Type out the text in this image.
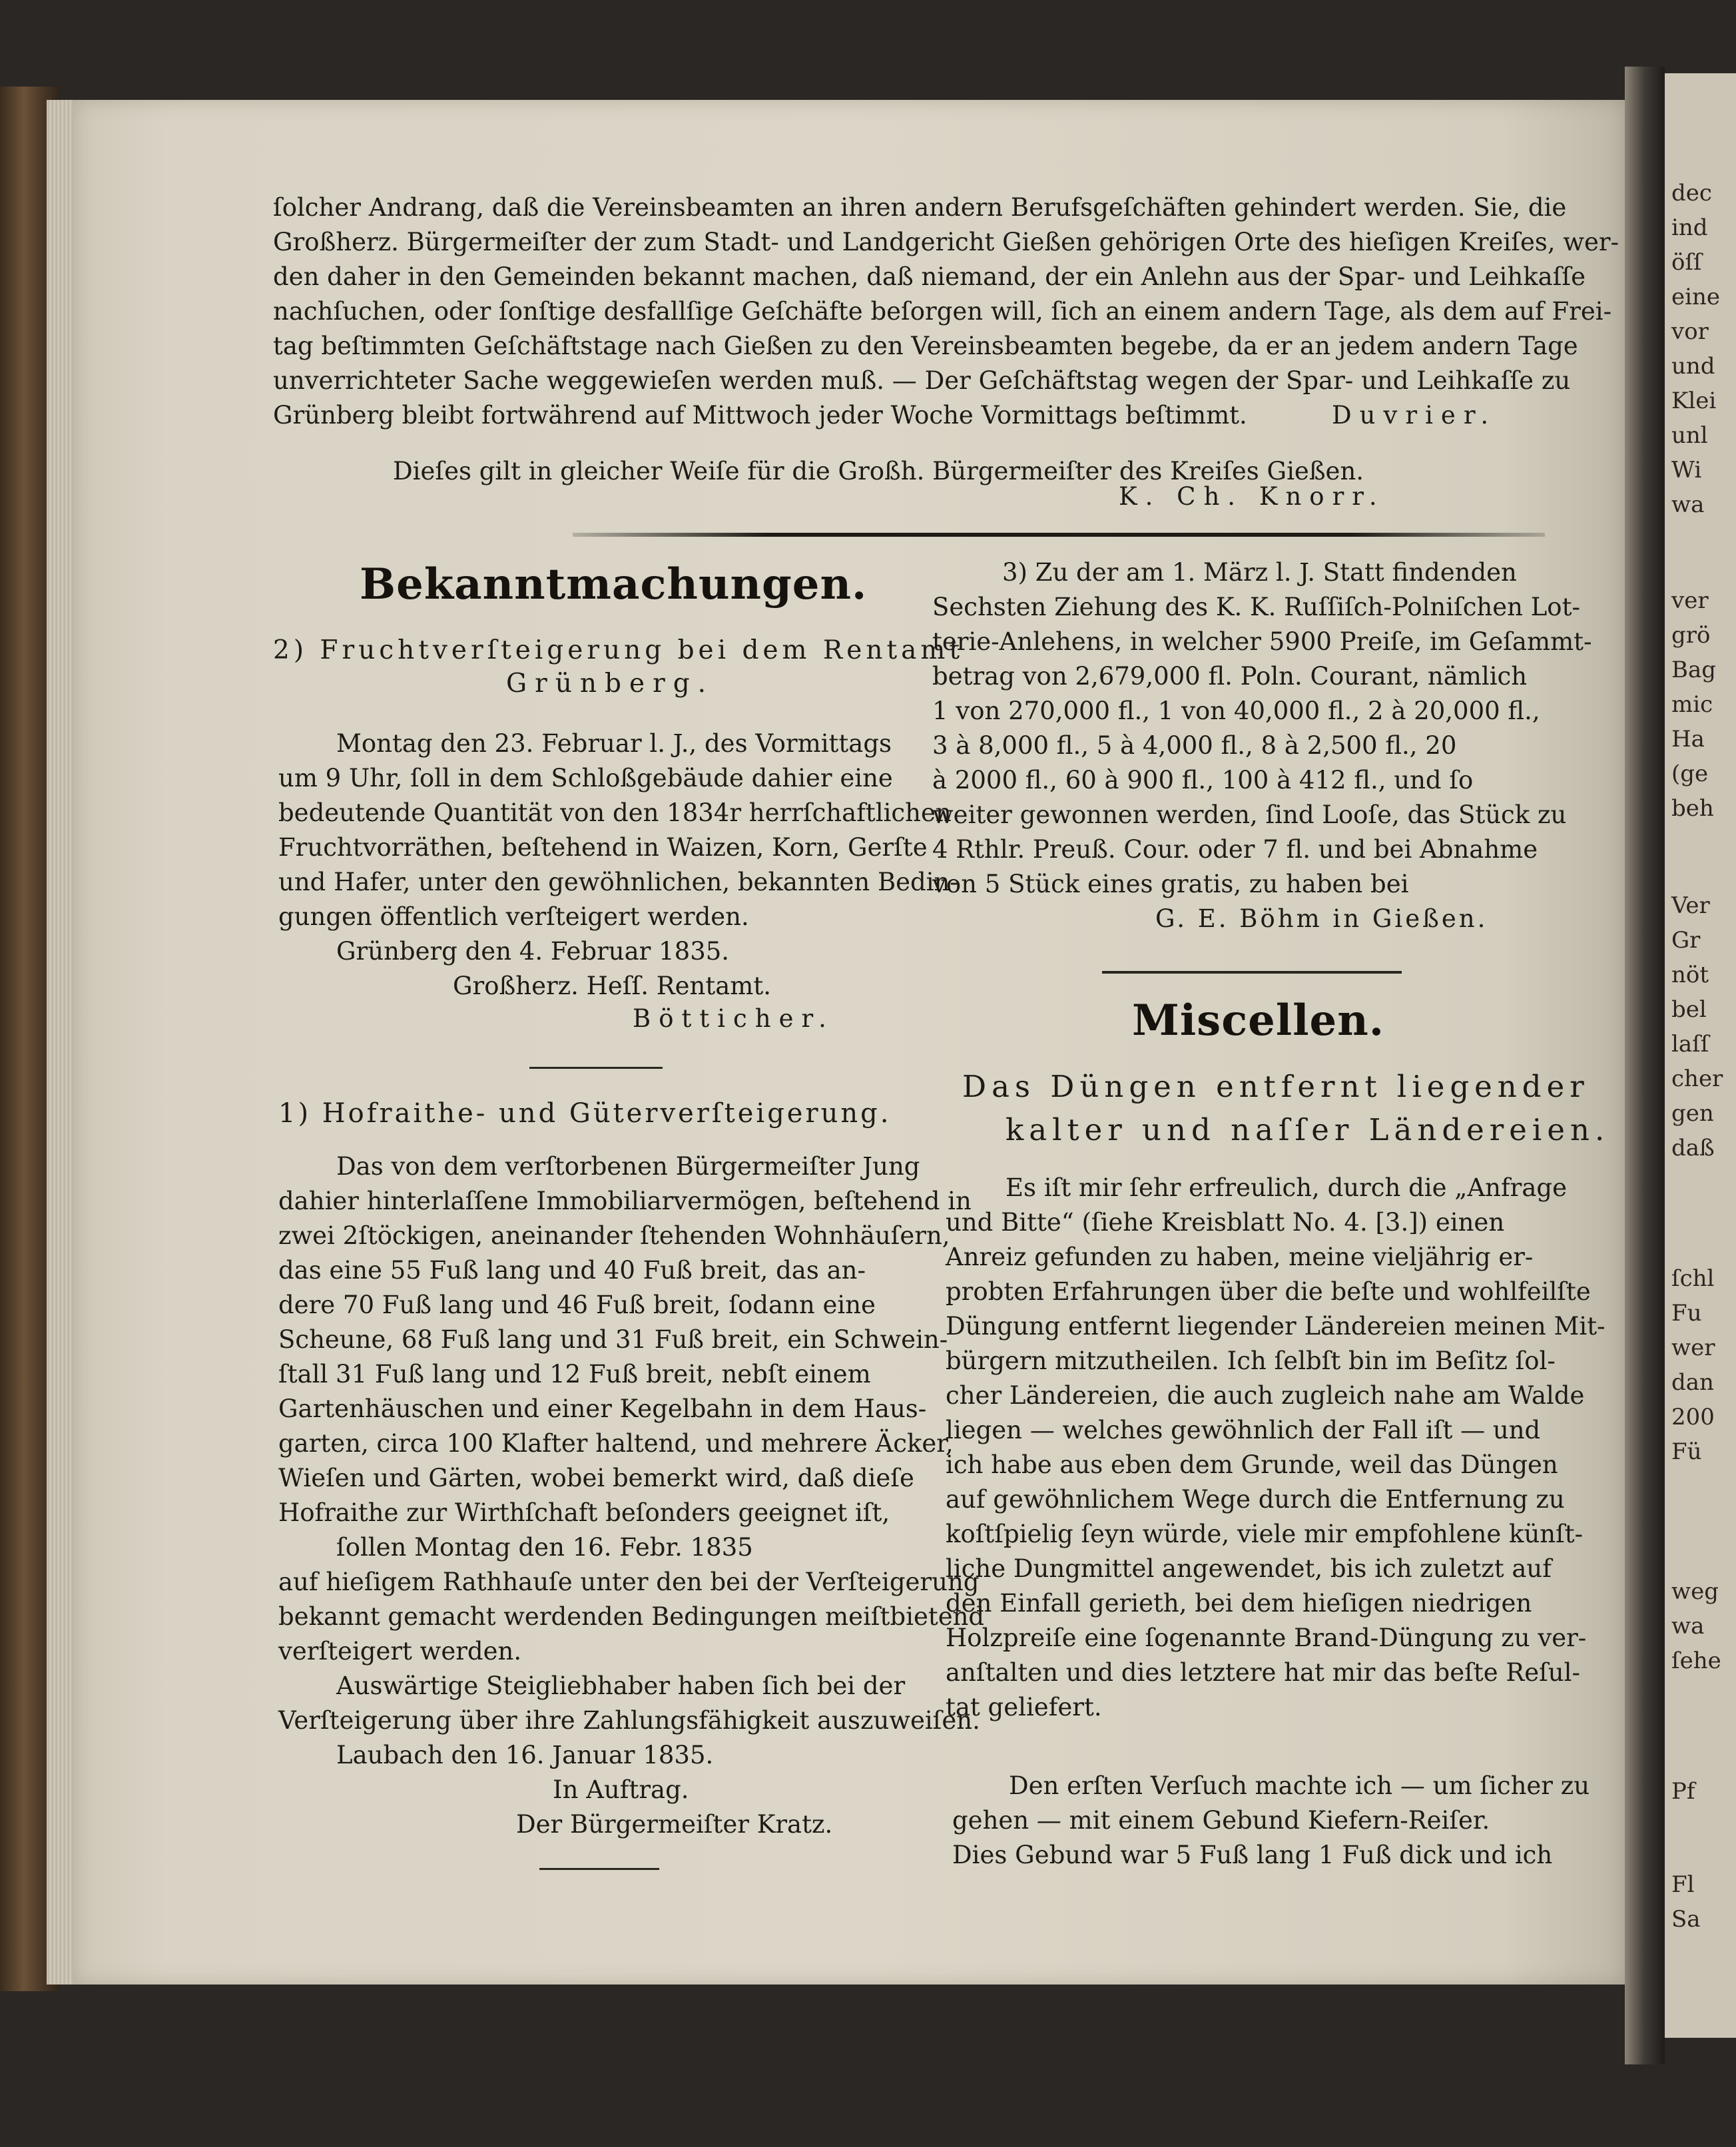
dec
ind
öſſ
eine
vor
und
Klei
unl
Wi
wa
ver
grö
Bag
mic
Ha
(ge
beh
Ver
Gr
nöt
bel
laſſ
cher
gen
daß
ſchl
Fu
wer
dan
200
Fü
weg
wa
ſehe
Pf
Fl
Sa
ſolcher Andrang, daß die Vereinsbeamten an ihren andern Berufsgeſchäften gehindert werden. Sie, die
Großherz. Bürgermeiſter der zum Stadt- und Landgericht Gießen gehörigen Orte des hieſigen Kreiſes, wer-
den daher in den Gemeinden bekannt machen, daß niemand, der ein Anlehn aus der Spar- und Leihkaſſe
nachſuchen, oder ſonſtige desfallſige Geſchäfte beſorgen will, ſich an einem andern Tage, als dem auf Frei-
tag beſtimmten Geſchäftstage nach Gießen zu den Vereinsbeamten begebe, da er an jedem andern Tage
unverrichteter Sache weggewieſen werden muß. — Der Geſchäftstag wegen der Spar- und Leihkaſſe zu
Grünberg bleibt fortwährend auf Mittwoch jeder Woche Vormittags beſtimmt.	Duvrier.
Dieſes gilt in gleicher Weiſe für die Großh. Bürgermeiſter des Kreiſes Gießen.
K. Ch. Knorr.
Bekanntmachungen.
2) Fruchtverſteigerung bei dem Rentamt
Grünberg.
Montag den 23. Februar l. J., des Vormittags
um 9 Uhr, ſoll in dem Schloßgebäude dahier eine
bedeutende Quantität von den 1834r herrſchaftlichen
Fruchtvorräthen, beſtehend in Waizen, Korn, Gerſte
und Hafer, unter den gewöhnlichen, bekannten Bedin-
gungen öffentlich verſteigert werden.
Grünberg den 4. Februar 1835.
Großherz. Heſſ. Rentamt.
Bötticher.
1) Hofraithe- und Güterverſteigerung.
Das von dem verſtorbenen Bürgermeiſter Jung
dahier hinterlaſſene Immobiliarvermögen, beſtehend in
zwei 2ſtöckigen, aneinander ſtehenden Wohnhäuſern,
das eine 55 Fuß lang und 40 Fuß breit, das an-
dere 70 Fuß lang und 46 Fuß breit, ſodann eine
Scheune, 68 Fuß lang und 31 Fuß breit, ein Schwein-
ſtall 31 Fuß lang und 12 Fuß breit, nebſt einem
Gartenhäuschen und einer Kegelbahn in dem Haus-
garten, circa 100 Klafter haltend, und mehrere Äcker,
Wieſen und Gärten, wobei bemerkt wird, daß dieſe
Hofraithe zur Wirthſchaft beſonders geeignet iſt,
ſollen Montag den 16. Febr. 1835
auf hieſigem Rathhauſe unter den bei der Verſteigerung
bekannt gemacht werdenden Bedingungen meiſtbietend
verſteigert werden.
Auswärtige Steigliebhaber haben ſich bei der
Verſteigerung über ihre Zahlungsfähigkeit auszuweiſen.
Laubach den 16. Januar 1835.
In Auftrag.
Der Bürgermeiſter Kratz.
3) Zu der am 1. März l. J. Statt findenden
Sechsten Ziehung des K. K. Ruſſiſch-Polniſchen Lot-
terie-Anlehens, in welcher 5900 Preiſe, im Geſammt-
betrag von 2,679,000 fl. Poln. Courant, nämlich
1 von 270,000 fl., 1 von 40,000 fl., 2 à 20,000 fl.,
3 à 8,000 fl., 5 à 4,000 fl., 8 à 2,500 fl., 20
à 2000 fl., 60 à 900 fl., 100 à 412 fl., und ſo
weiter gewonnen werden, ſind Looſe, das Stück zu
4 Rthlr. Preuß. Cour. oder 7 fl. und bei Abnahme
von 5 Stück eines gratis, zu haben bei
G. E. Böhm in Gießen.
Miscellen.
Das Düngen entfernt liegender
kalter und naſſer Ländereien.
Es iſt mir ſehr erfreulich, durch die „Anfrage
und Bitte“ (ſiehe Kreisblatt No. 4. [3.]) einen
Anreiz gefunden zu haben, meine vieljährig er-
probten Erfahrungen über die beſte und wohlfeilſte
Düngung entfernt liegender Ländereien meinen Mit-
bürgern mitzutheilen. Ich ſelbſt bin im Beſitz ſol-
cher Ländereien, die auch zugleich nahe am Walde
liegen — welches gewöhnlich der Fall iſt — und
ich habe aus eben dem Grunde, weil das Düngen
auf gewöhnlichem Wege durch die Entfernung zu
koſtſpielig ſeyn würde, viele mir empfohlene künſt-
liche Dungmittel angewendet, bis ich zuletzt auf
den Einfall gerieth, bei dem hieſigen niedrigen
Holzpreiſe eine ſogenannte Brand-Düngung zu ver-
anſtalten und dies letztere hat mir das beſte Reſul-
tat geliefert.
Den erſten Verſuch machte ich — um ſicher zu
gehen — mit einem Gebund Kiefern-Reiſer.
Dies Gebund war 5 Fuß lang 1 Fuß dick und ich
